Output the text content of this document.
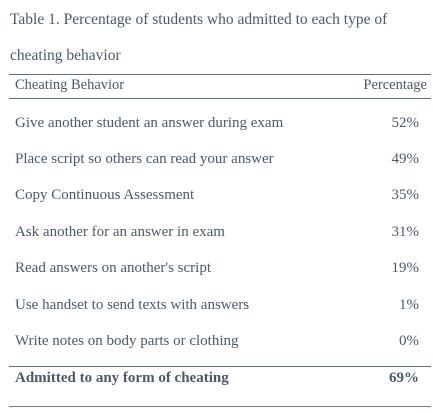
Table 1. Percentage of students who admitted to each type of
cheating behavior
Cheating Behavior	Percentage
Give another student an answer during exam	52%
Place script so others can read your answer	49%
Copy Continuous Assessment	35%
Ask another for an answer in exam	31%
Read answers on another's script	19%
Use handset to send texts with answers	1%
Write notes on body parts or clothing	0%
Admitted to any form of cheating	69%
